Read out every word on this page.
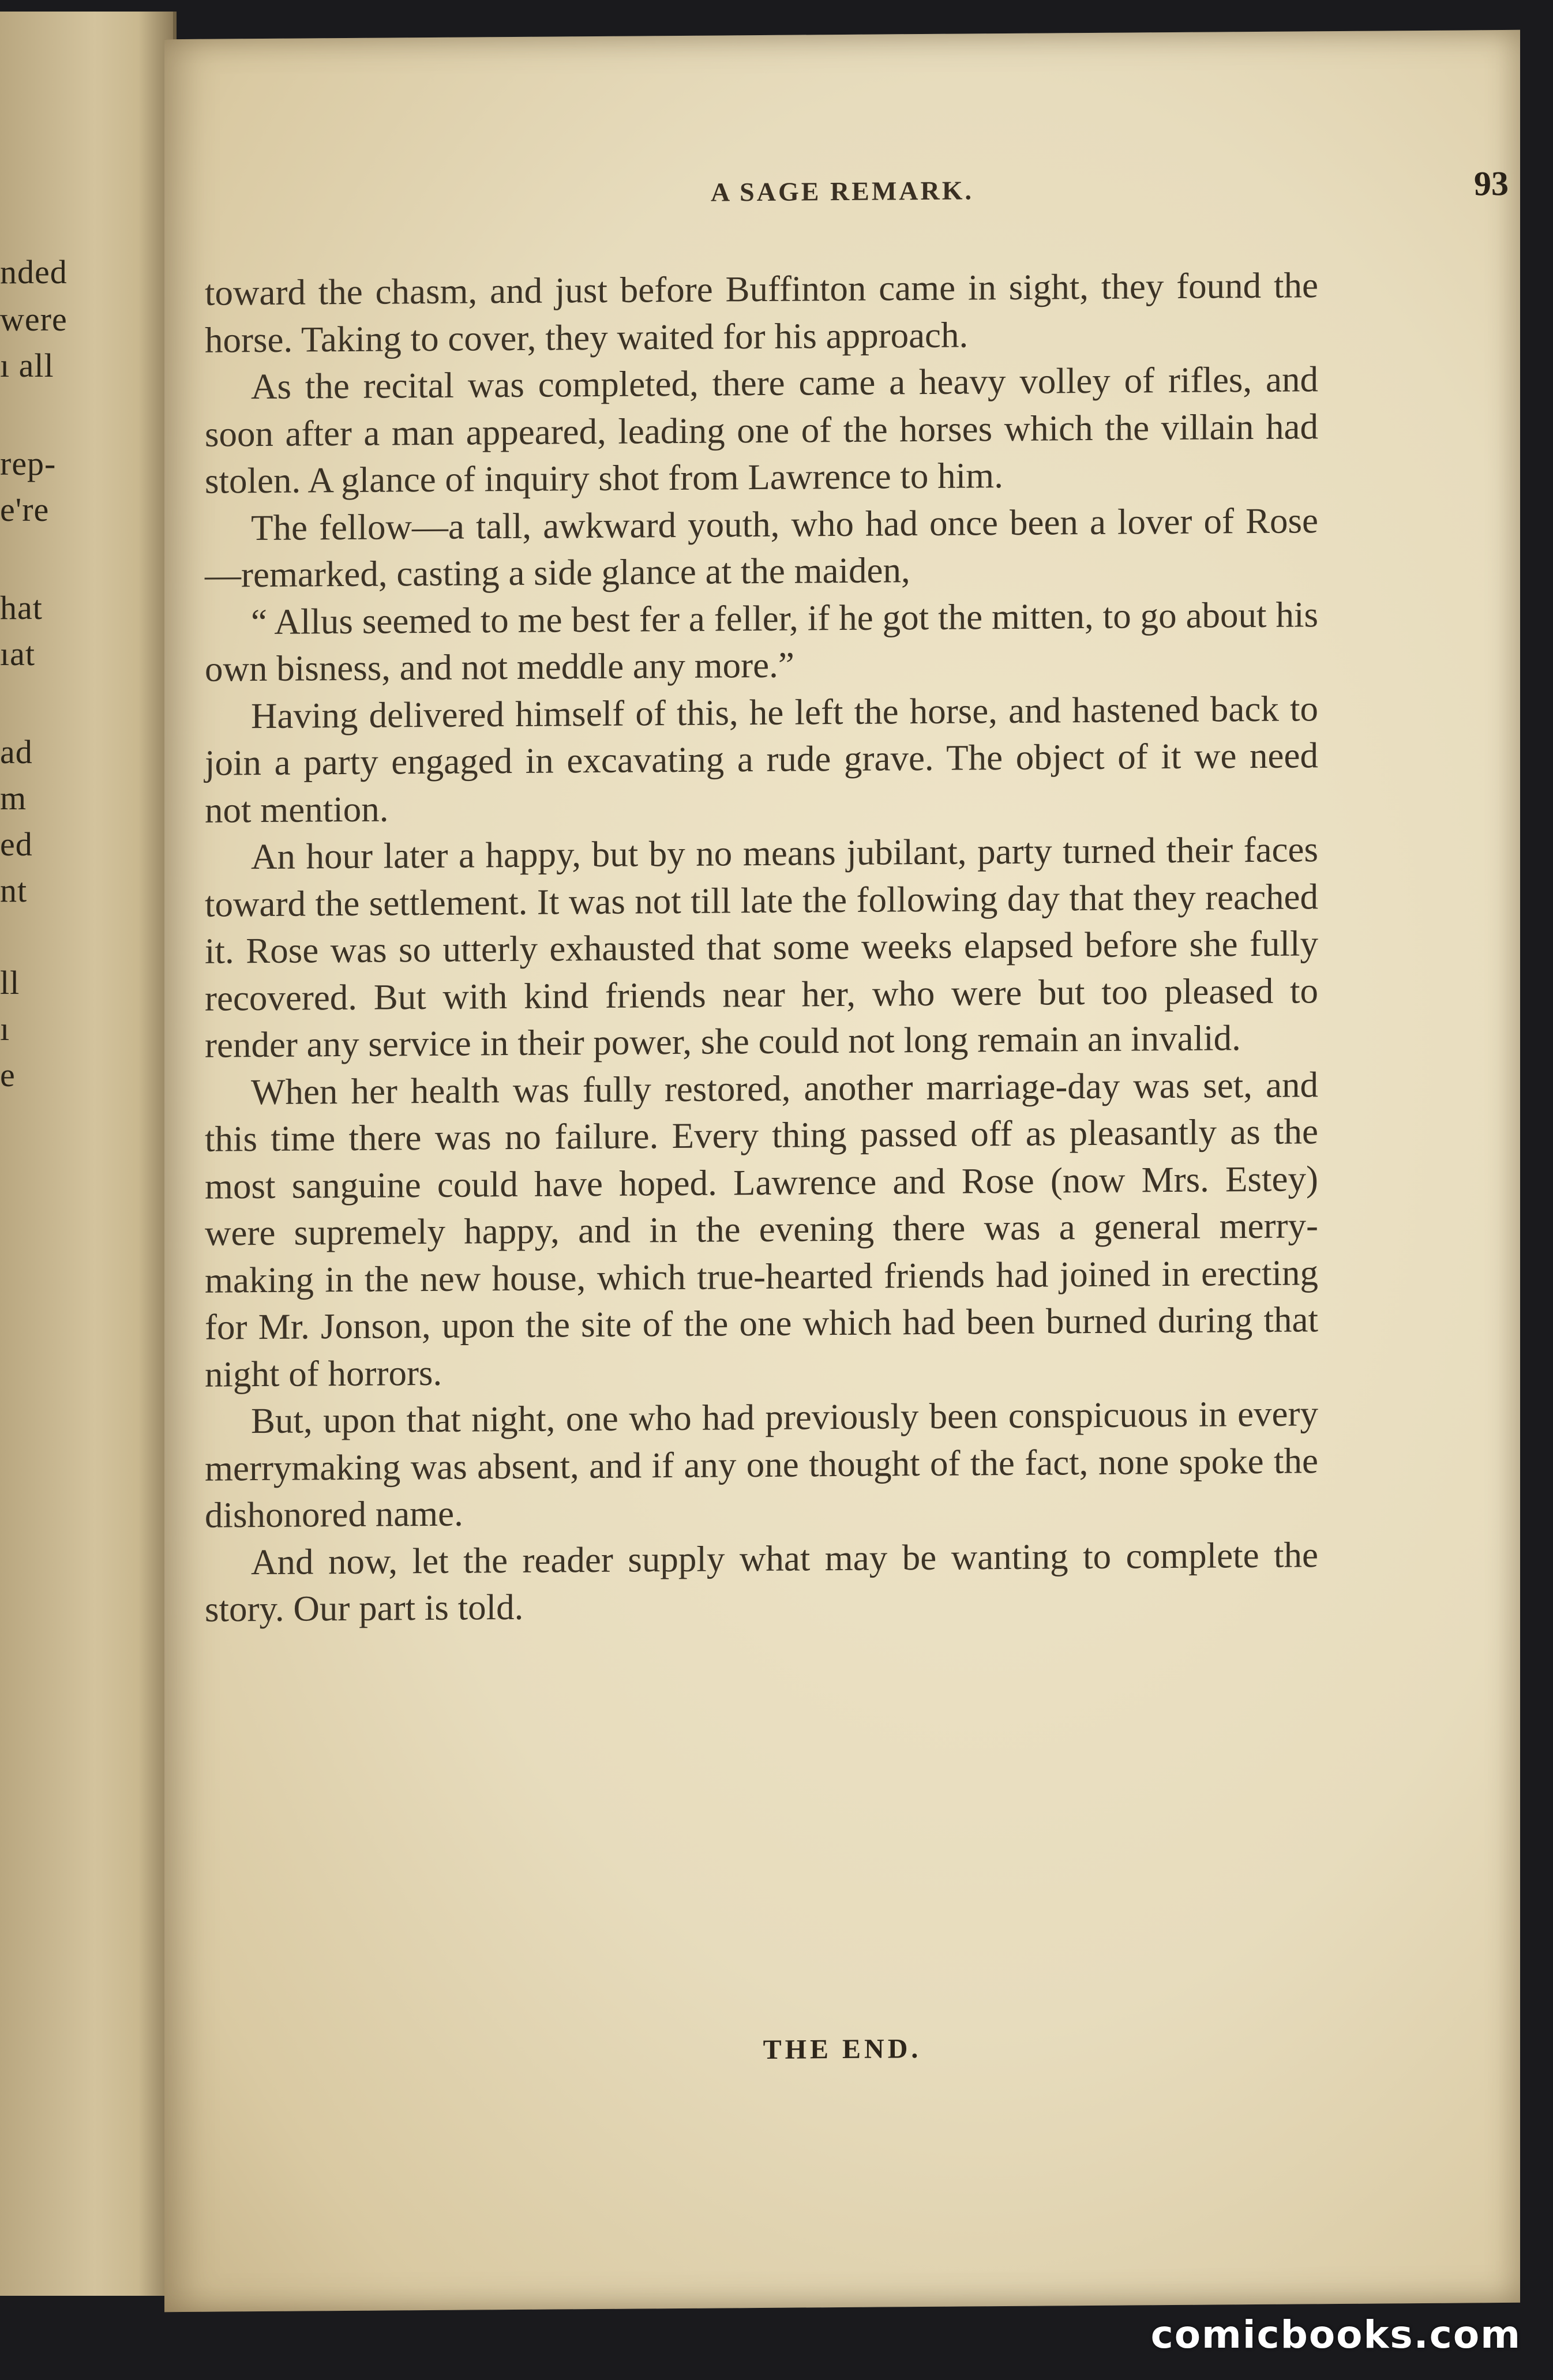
nded
were
ı all
rep-
e're
hat
ıat
ad
m
ed
nt
ll
ı
e
A SAGE REMARK.	93

toward the chasm, and just before Buffinton came in sight, they found the horse. Taking to cover, they waited for his approach.

As the recital was completed, there came a heavy volley of rifles, and soon after a man appeared, leading one of the horses which the villain had stolen. A glance of inquiry shot from Lawrence to him.

The fellow—a tall, awkward youth, who had once been a lover of Rose—remarked, casting a side glance at the maiden,

“ Allus seemed to me best fer a feller, if he got the mitten, to go about his own bisness, and not meddle any more.”

Having delivered himself of this, he left the horse, and hastened back to join a party engaged in excavating a rude grave. The object of it we need not mention.

An hour later a happy, but by no means jubilant, party turned their faces toward the settlement. It was not till late the following day that they reached it. Rose was so utterly exhausted that some weeks elapsed before she fully recovered. But with kind friends near her, who were but too pleased to render any service in their power, she could not long remain an invalid.

When her health was fully restored, another marriage-day was set, and this time there was no failure. Every thing passed off as pleasantly as the most sanguine could have hoped. Lawrence and Rose (now Mrs. Estey) were supremely happy, and in the evening there was a general merry-making in the new house, which true-hearted friends had joined in erecting for Mr. Jonson, upon the site of the one which had been burned during that night of horrors.

But, upon that night, one who had previously been conspicuous in every merrymaking was absent, and if any one thought of the fact, none spoke the dishonored name.

And now, let the reader supply what may be wanting to complete the story. Our part is told.

THE END.
comicbooks.com
